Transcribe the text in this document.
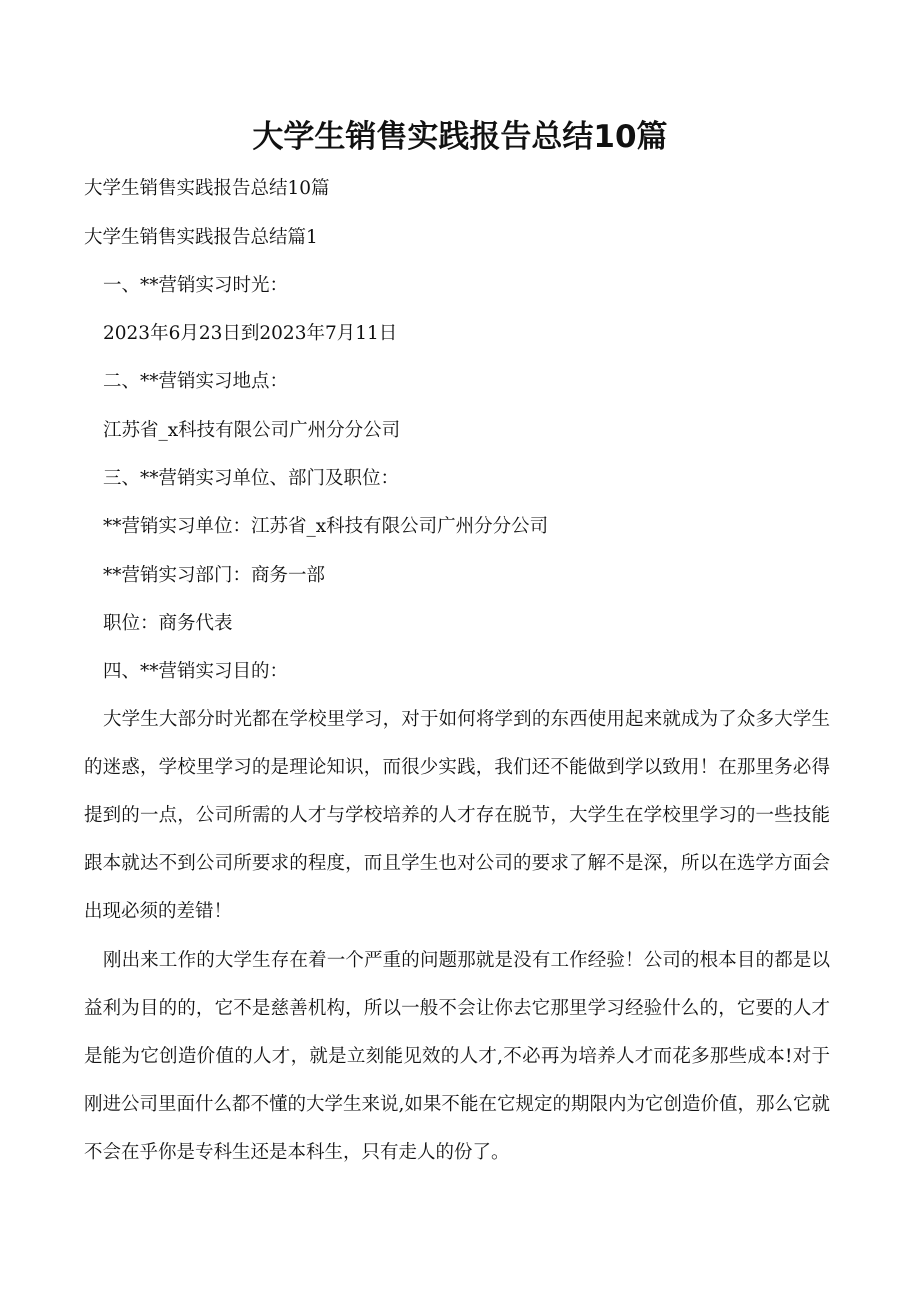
大学生销售实践报告总结10篇
大学生销售实践报告总结10篇
大学生销售实践报告总结篇1
一、**营销实习时光：
2023年6月23日到2023年7月11日
二、**营销实习地点：
江苏省_x科技有限公司广州分分公司
三、**营销实习单位、部门及职位：
**营销实习单位：江苏省_x科技有限公司广州分分公司
**营销实习部门：商务一部
职位：商务代表
四、**营销实习目的：
大学生大部分时光都在学校里学习，对于如何将学到的东西使用起来就成为了众多大学生的迷惑，学校里学习的是理论知识，而很少实践，我们还不能做到学以致用！在那里务必得提到的一点，公司所需的人才与学校培养的人才存在脱节，大学生在学校里学习的一些技能跟本就达不到公司所要求的程度，而且学生也对公司的要求了解不是深，所以在选学方面会出现必须的差错！
刚出来工作的大学生存在着一个严重的问题那就是没有工作经验！公司的根本目的都是以益利为目的的，它不是慈善机构，所以一般不会让你去它那里学习经验什么的，它要的人才是能为它创造价值的人才，就是立刻能见效的人才,不必再为培养人才而花多那些成本!对于刚进公司里面什么都不懂的大学生来说,如果不能在它规定的期限内为它创造价值，那么它就不会在乎你是专科生还是本科生，只有走人的份了。
